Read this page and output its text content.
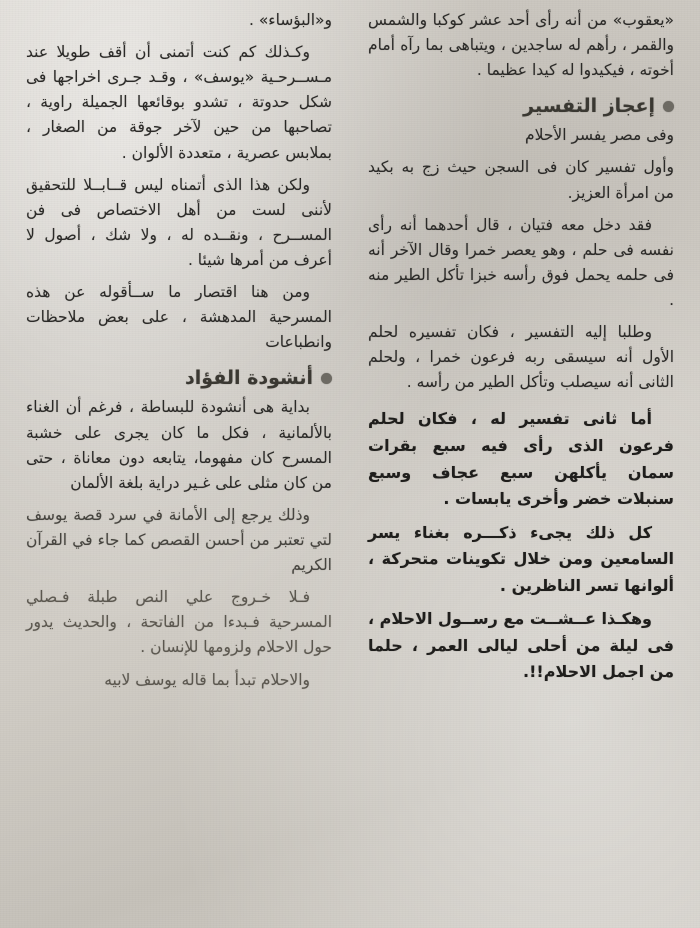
«يعقوب» من أنه رأى أحد عشر كوكبا والشمس والقمر ، رأهم له ساجدين ، ويتباهى بما رآه أمام أخوته ، فيكيدوا له كيدا عظيما .

إعجاز التفسير

وفى مصر يفسر الأحلام

وأول تفسير كان فى السجن حيث زج به بكيد من امرأة العزيز.

فقد دخل معه فتيان ، قال أحدهما أنه رأى نفسه فى حلم ، وهو يعصر خمرا وقال الآخر أنه فى حلمه يحمل فوق رأسه خبزا تأكل الطير منه .

وطلبا إليه التفسير ، فكان تفسيره لحلم الأول أنه سيسقى ربه فرعون خمرا ، ولحلم الثانى أنه سيصلب وتأكل الطير من رأسه .

أما ثانى تفسير له ، فكان لحلم فرعون الذى رأى فيه سبع بقرات سمان يأكلهن سبع عجاف وسبع سنبلات خضر وأخرى يابسات .

كل ذلك يجىء ذكـــره بغناء يسر السامعين ومن خلال تكوينات متحركة ، ألوانها تسر الناظرين .

وهكـذا عــشــت مع رســول الاحلام ، فى ليلة من أحلى ليالى العمر ، حلما من اجمل الاحلام!!.

و«البؤساء» .

وكـذلك كم كنت أتمنى أن أقف طويلا عند مـســرحـية «يوسف» ، وقـد جـرى اخراجها فى شكل حدوتة ، تشدو بوقائعها الجميلة راوية ، تصاحبها من حين لآخر جوقة من الصغار ، بملابس عصرية ، متعددة الألوان .

ولكن هذا الذى أتمناه ليس قــابــلا للتحقيق لأننى لست من أهل الاختصاص فى فن المســرح ، ونقــده له ، ولا شك ، أصول لا أعرف من أمرها شيئا .

ومن هنا اقتصار ما ســأقوله عن هذه المسرحية المدهشة ، على بعض ملاحظات وانطباعات

أنشودة الفؤاد

بداية هى أنشودة للبساطة ، فرغم أن الغناء بالألمانية ، فكل ما كان يجرى على خشبة المسرح كان مفهوما، يتابعه دون معاناة ، حتى من كان مثلى على غـير دراية بلغة الألمان

وذلك يرجع إلى الأمانة في سرد قصة يوسف لتي تعتبر من أحسن القصص كما جاء في القرآن الكريم

فـلا خـروج علي النص طبلة فـصلي المسرحية فـبدءا من الفاتحة ، والحديث يدور حول الاحلام ولزومها للإنسان .

والاحلام تبدأ بما قاله يوسف لابيه
